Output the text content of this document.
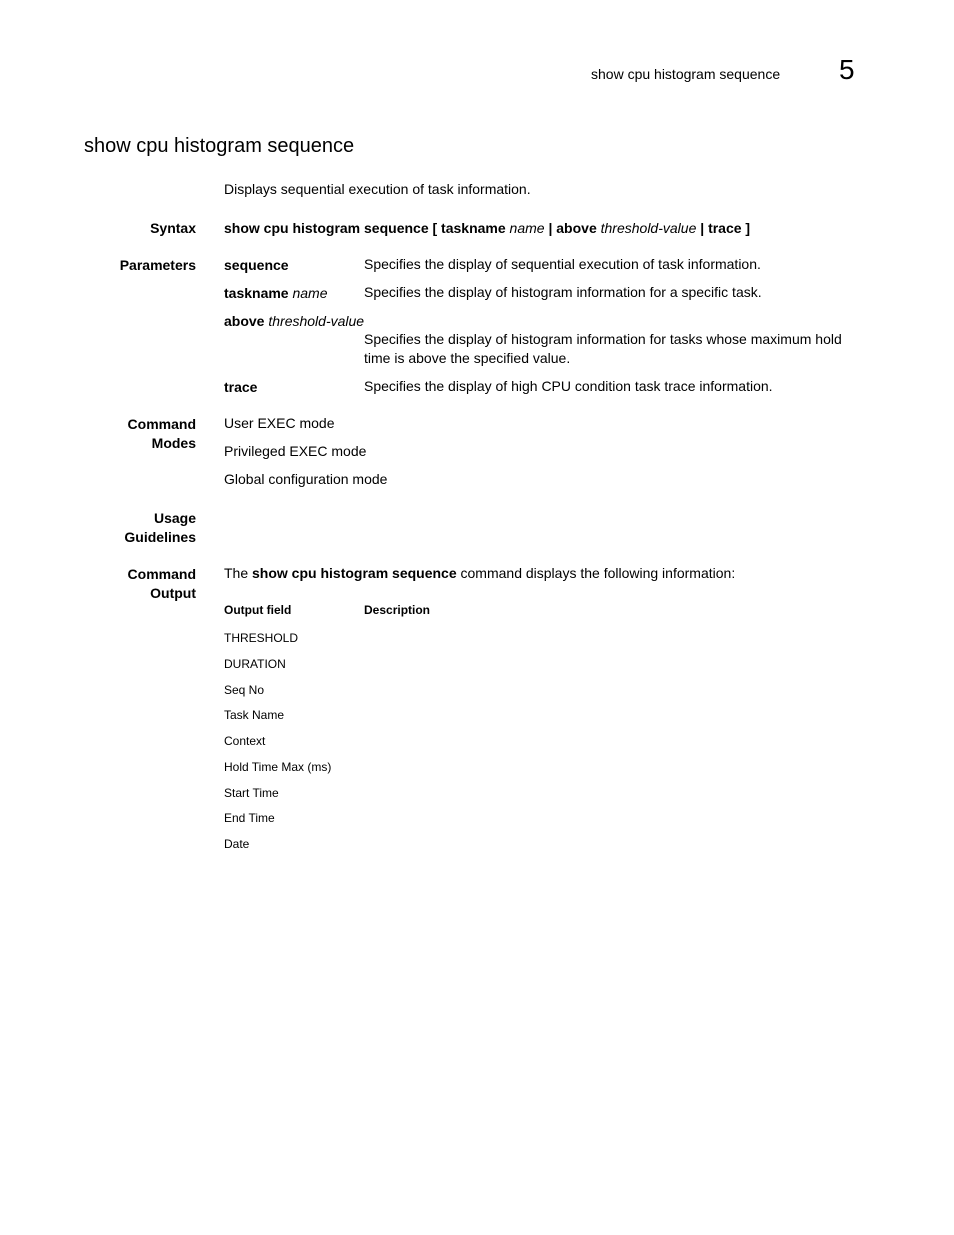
show cpu histogram sequence 5
show cpu histogram sequence
Displays sequential execution of task information.
Syntax show cpu histogram sequence [ taskname name | above threshold-value | trace ]
Parameters sequence	Specifies the display of sequential execution of task information.
taskname name	Specifies the display of histogram information for a specific task.
above threshold-value
Specifies the display of histogram information for tasks whose maximum hold
time is above the specified value.
trace	Specifies the display of high CPU condition task trace information.
Command
Modes
User EXEC mode
Privileged EXEC mode
Global configuration mode
Usage
Guidelines
Command
Output
The show cpu histogram sequence command displays the following information:
Output field	Description
THRESHOLD
DURATION
Seq No
Task Name
Context
Hold Time Max (ms)
Start Time
End Time
Date
